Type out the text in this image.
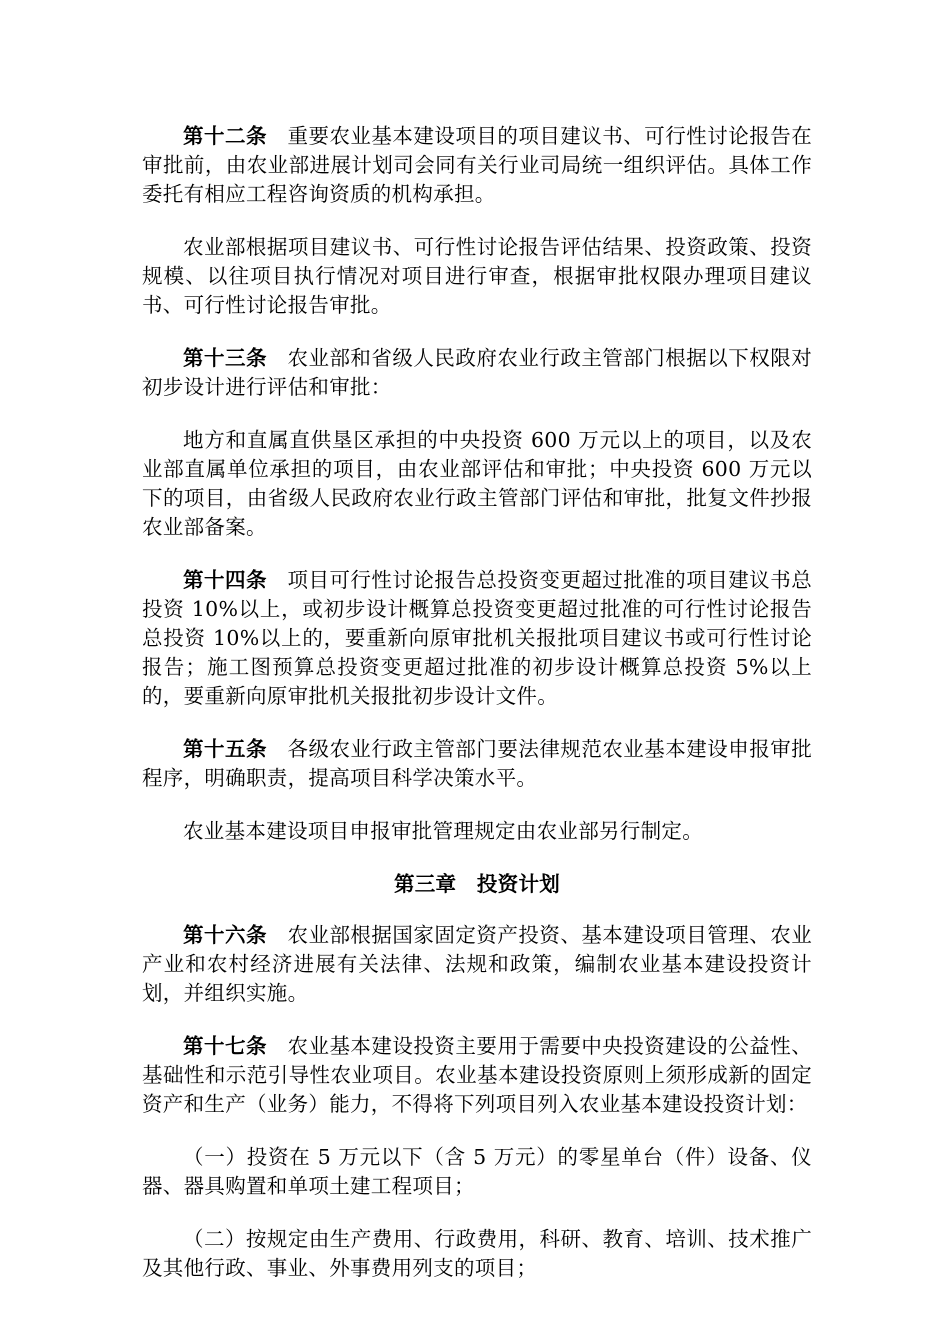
第十二条 重要农业基本建设项目的项目建议书、可行性讨论报告在审批前，由农业部进展计划司会同有关行业司局统一组织评估。具体工作委托有相应工程咨询资质的机构承担。

农业部根据项目建议书、可行性讨论报告评估结果、投资政策、投资规模、以往项目执行情况对项目进行审查，根据审批权限办理项目建议书、可行性讨论报告审批。

第十三条 农业部和省级人民政府农业行政主管部门根据以下权限对初步设计进行评估和审批：

地方和直属直供垦区承担的中央投资 600 万元以上的项目，以及农业部直属单位承担的项目，由农业部评估和审批；中央投资 600 万元以下的项目，由省级人民政府农业行政主管部门评估和审批，批复文件抄报农业部备案。

第十四条 项目可行性讨论报告总投资变更超过批准的项目建议书总投资 10%以上，或初步设计概算总投资变更超过批准的可行性讨论报告总投资 10%以上的，要重新向原审批机关报批项目建议书或可行性讨论报告；施工图预算总投资变更超过批准的初步设计概算总投资 5%以上的，要重新向原审批机关报批初步设计文件。

第十五条 各级农业行政主管部门要法律规范农业基本建设申报审批程序，明确职责，提高项目科学决策水平。

农业基本建设项目申报审批管理规定由农业部另行制定。

第三章 投资计划

第十六条 农业部根据国家固定资产投资、基本建设项目管理、农业产业和农村经济进展有关法律、法规和政策，编制农业基本建设投资计划，并组织实施。

第十七条 农业基本建设投资主要用于需要中央投资建设的公益性、基础性和示范引导性农业项目。农业基本建设投资原则上须形成新的固定资产和生产（业务）能力，不得将下列项目列入农业基本建设投资计划：

（一）投资在 5 万元以下（含 5 万元）的零星单台（件）设备、仪器、器具购置和单项土建工程项目；

（二）按规定由生产费用、行政费用，科研、教育、培训、技术推广及其他行政、事业、外事费用列支的项目；
